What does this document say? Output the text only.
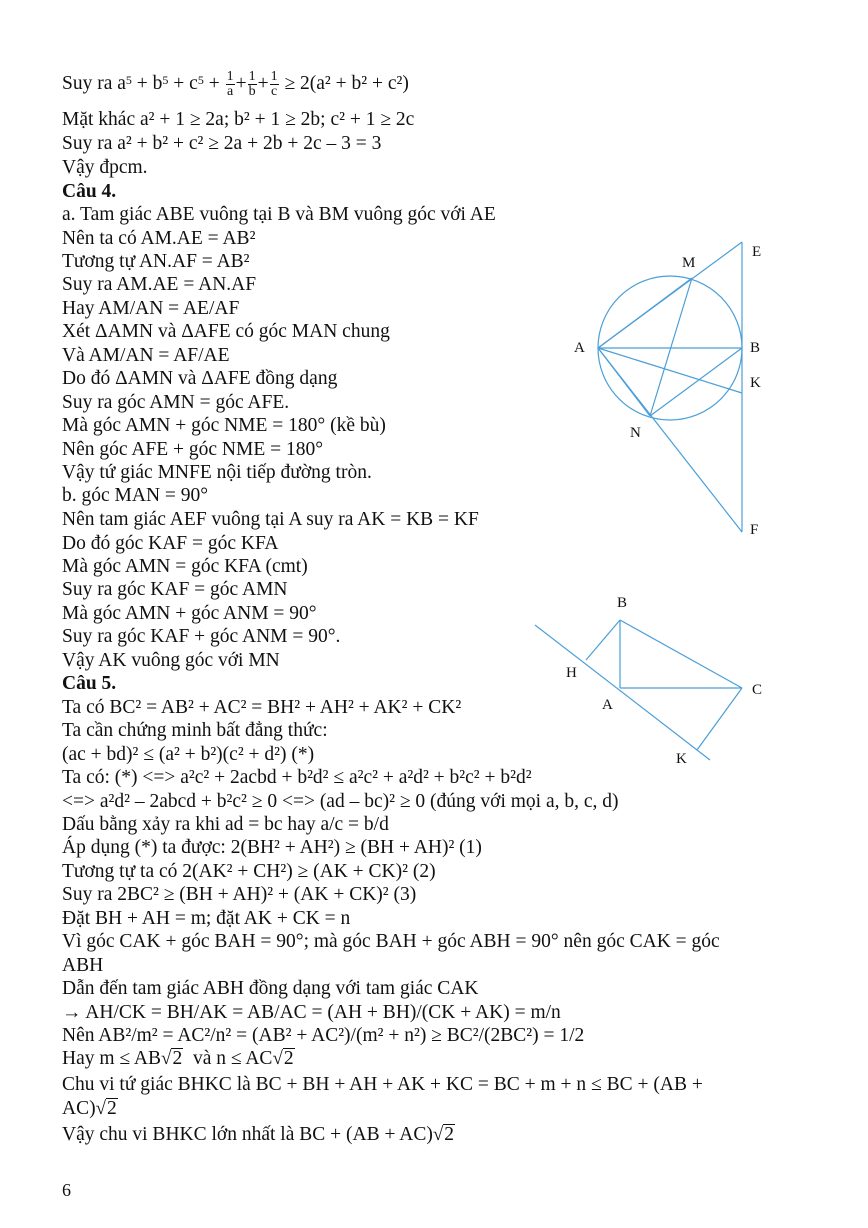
Suy ra $a^5 + b^5 + c^5 + \frac{1}{a} + \frac{1}{b} + \frac{1}{c} \ge 2(a^2 + b^2 + c^2)$
Mặt khác a² + 1 ≥ 2a; b² + 1 ≥ 2b; c² + 1 ≥ 2c
Suy ra a² + b² + c² ≥ 2a + 2b + 2c – 3 = 3
Vậy đpcm.
Câu 4.
a. Tam giác ABE vuông tại B và BM vuông góc với AE
Nên ta có AM.AE = AB²
Tương tự AN.AF = AB²
Suy ra AM.AE = AN.AF
Hay AM/AN = AE/AF
Xét ΔAMN và ΔAFE có góc MAN chung
Và AM/AN = AF/AE
Do đó ΔAMN và ΔAFE đồng dạng
Suy ra góc AMN = góc AFE.
Mà góc AMN + góc NME = 180° (kề bù)
Nên góc AFE + góc NME = 180°
Vậy tứ giác MNFE nội tiếp đường tròn.
b. góc MAN = 90°
Nên tam giác AEF vuông tại A suy ra AK = KB = KF
Do đó góc KAF = góc KFA
Mà góc AMN = góc KFA (cmt)
Suy ra góc KAF = góc AMN
Mà góc AMN + góc ANM = 90°
Suy ra góc KAF + góc ANM = 90°.
Vậy AK vuông góc với MN
Câu 5.
Ta có BC² = AB² + AC² = BH² + AH² + AK² + CK²
Ta cần chứng minh bất đẳng thức:
(ac + bd)² ≤ (a² + b²)(c² + d²) (*)
Ta có: (*) <=> a²c² + 2acbd + b²d² ≤ a²c² + a²d² + b²c² + b²d²
<=> a²d² – 2abcd + b²c² ≥ 0 <=> (ad – bc)² ≥ 0 (đúng với mọi a, b, c, d)
Dấu bằng xảy ra khi ad = bc hay a/c = b/d
Áp dụng (*) ta được: 2(BH² + AH²) ≥ (BH + AH)² (1)
Tương tự ta có 2(AK² + CH²) ≥ (AK + CK)² (2)
Suy ra 2BC² ≥ (BH + AH)² + (AK + CK)² (3)
Đặt BH + AH = m; đặt AK + CK = n
Vì góc CAK + góc BAH = 90°; mà góc BAH + góc ABH = 90° nên góc CAK = góc
ABH
Dẫn đến tam giác ABH đồng dạng với tam giác CAK
→ AH/CK = BH/AK = AB/AC = (AH + BH)/(CK + AK) = m/n
Nên AB²/m² = AC²/n² = (AB² + AC²)/(m² + n²) ≥ BC²/(2BC²) = 1/2
Hay m ≤ AB√2  và n ≤ AC√2
Chu vi tứ giác BHKC là BC + BH + AH + AK + KC = BC + m + n ≤ BC + (AB +
AC)√2
Vậy chu vi BHKC lớn nhất là BC + (AB + AC)√2
6
M
E
A	B
K
N
F
B
H
C
A
K
